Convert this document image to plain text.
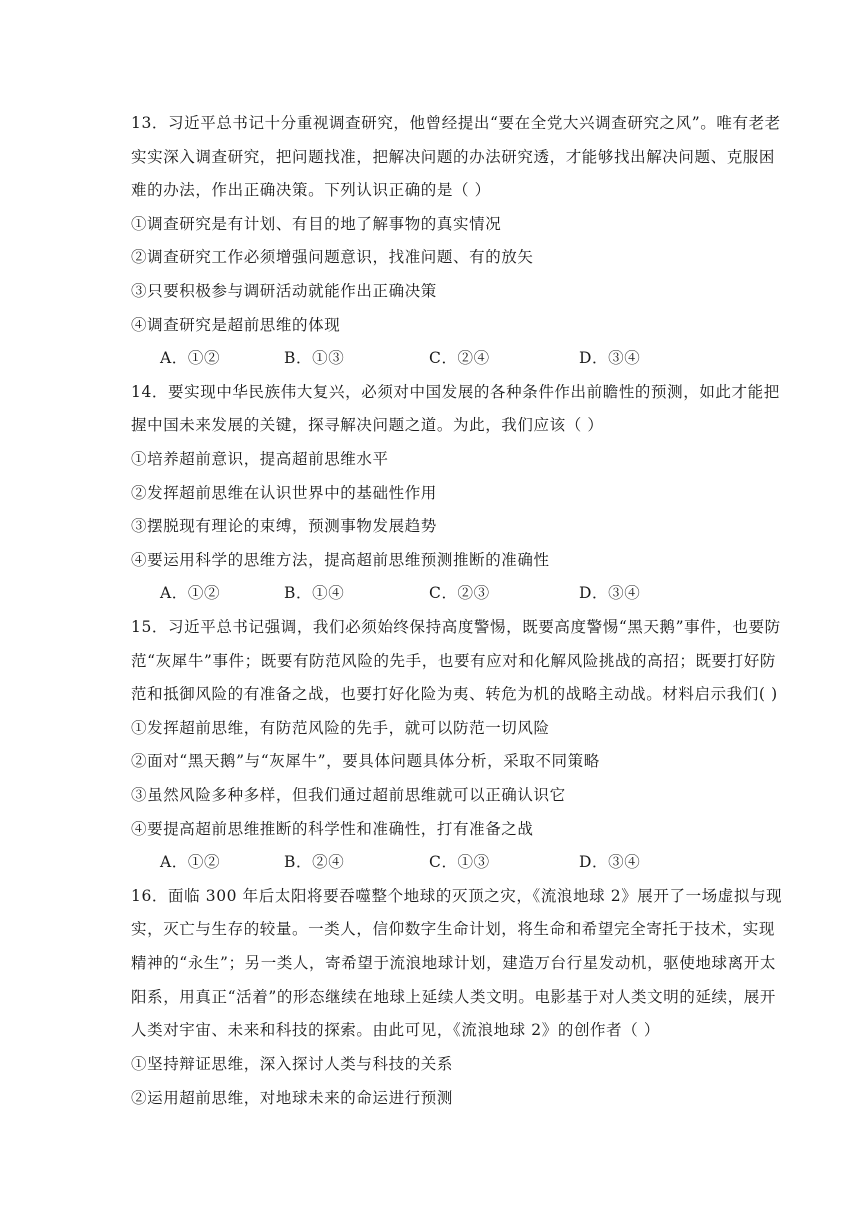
13．习近平总书记十分重视调查研究，他曾经提出“要在全党大兴调查研究之风”。唯有老老
实实深入调查研究，把问题找准，把解决问题的办法研究透，才能够找出解决问题、克服困
难的办法，作出正确决策。下列认识正确的是（ ）
①调查研究是有计划、有目的地了解事物的真实情况
②调查研究工作必须增强问题意识，找准问题、有的放矢
③只要积极参与调研活动就能作出正确决策
④调查研究是超前思维的体现
A．①②	B．①③	C．②④	D．③④
14．要实现中华民族伟大复兴，必须对中国发展的各种条件作出前瞻性的预测，如此才能把
握中国未来发展的关键，探寻解决问题之道。为此，我们应该（ ）
①培养超前意识，提高超前思维水平
②发挥超前思维在认识世界中的基础性作用
③摆脱现有理论的束缚，预测事物发展趋势
④要运用科学的思维方法，提高超前思维预测推断的准确性
A．①②	B．①④	C．②③	D．③④
15．习近平总书记强调，我们必须始终保持高度警惕，既要高度警惕“黑天鹅”事件，也要防
范“灰犀牛”事件；既要有防范风险的先手，也要有应对和化解风险挑战的高招；既要打好防
范和抵御风险的有准备之战，也要打好化险为夷、转危为机的战略主动战。材料启示我们( )
①发挥超前思维，有防范风险的先手，就可以防范一切风险
②面对“黑天鹅”与“灰犀牛”，要具体问题具体分析，采取不同策略
③虽然风险多种多样，但我们通过超前思维就可以正确认识它
④要提高超前思维推断的科学性和准确性，打有准备之战
A．①②	B．②④	C．①③	D．③④
16．面临 300 年后太阳将要吞噬整个地球的灭顶之灾，《流浪地球 2》展开了一场虚拟与现
实，灭亡与生存的较量。一类人，信仰数字生命计划，将生命和希望完全寄托于技术，实现
精神的“永生”；另一类人，寄希望于流浪地球计划，建造万台行星发动机，驱使地球离开太
阳系，用真正“活着”的形态继续在地球上延续人类文明。电影基于对人类文明的延续，展开
人类对宇宙、未来和科技的探索。由此可见，《流浪地球 2》的创作者（ ）
①坚持辩证思维，深入探讨人类与科技的关系
②运用超前思维，对地球未来的命运进行预测
